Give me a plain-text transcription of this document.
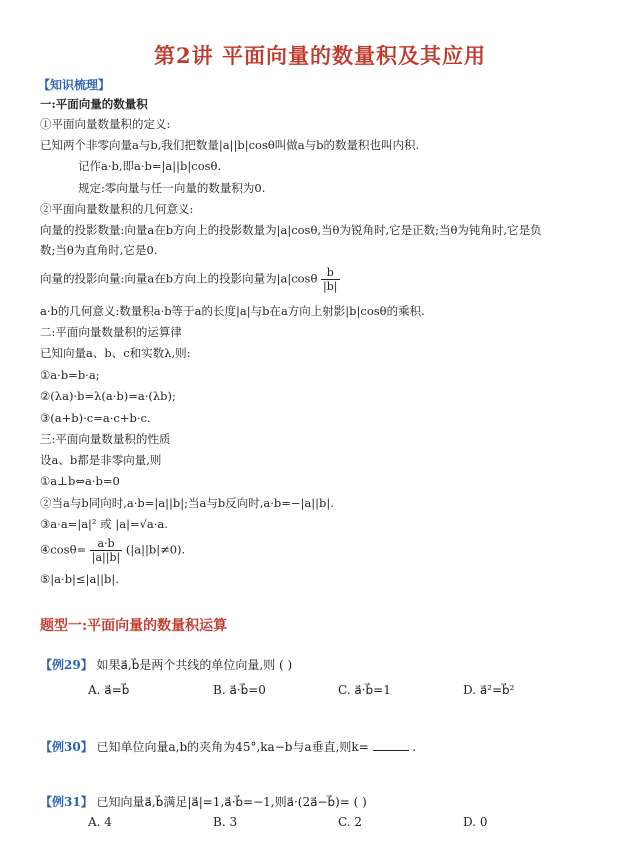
第2讲 平面向量的数量积及其应用
【知识梳理】
一:平面向量的数量积
①平面向量数量积的定义:
已知两个非零向量a与b,我们把数量|a||b|cosθ叫做a与b的数量积也叫内积.
记作a·b,即a·b=|a||b|cosθ.
规定:零向量与任一向量的数量积为0.
②平面向量数量积的几何意义:
向量的投影数量:向量a在b方向上的投影数量为|a|cosθ,当θ为锐角时,它是正数;当θ为钝角时,它是负
数;当θ为直角时,它是0.
向量的投影向量:向量a在b方向上的投影向量为$|a|\cos\theta \frac{b}{|b|}$
a·b的几何意义:数量积a·b等于a的长度|a|与b在a方向上射影|b|cosθ的乘积.
二:平面向量数量积的运算律
已知向量a、b、c和实数λ,则:
①a·b=b·a;
②(λa)·b=λ(a·b)=a·(λb);
③(a+b)·c=a·c+b·c.
三:平面向量数量积的性质
设a、b都是非零向量,则
①a⊥b⇔a·b=0
②当a与b同向时,a·b=|a||b|;当a与b反向时,a·b=−|a||b|.
③a·a=|a|² 或 |a|=√a·a.
④cosθ= $\frac{a\cdot b}{|a||b|} (|a||b|\ne 0)$.
⑤|a·b|≤|a||b|.
题型一:平面向量的数量积运算
【例29】 如果a⃗,b⃗是两个共线的单位向量,则 ( )
A. a⃗=b⃗	B. a⃗·b⃗=0	C. a⃗·b⃗=1	D. a⃗²=b⃗²
【例30】 已知单位向量a,b的夹角为45°,ka−b与a垂直,则k=	.
【例31】 已知向量a⃗,b⃗满足|a⃗|=1,a⃗·b⃗=−1,则a⃗·(2a⃗−b⃗)= ( )
A. 4	B. 3	C. 2	D. 0
